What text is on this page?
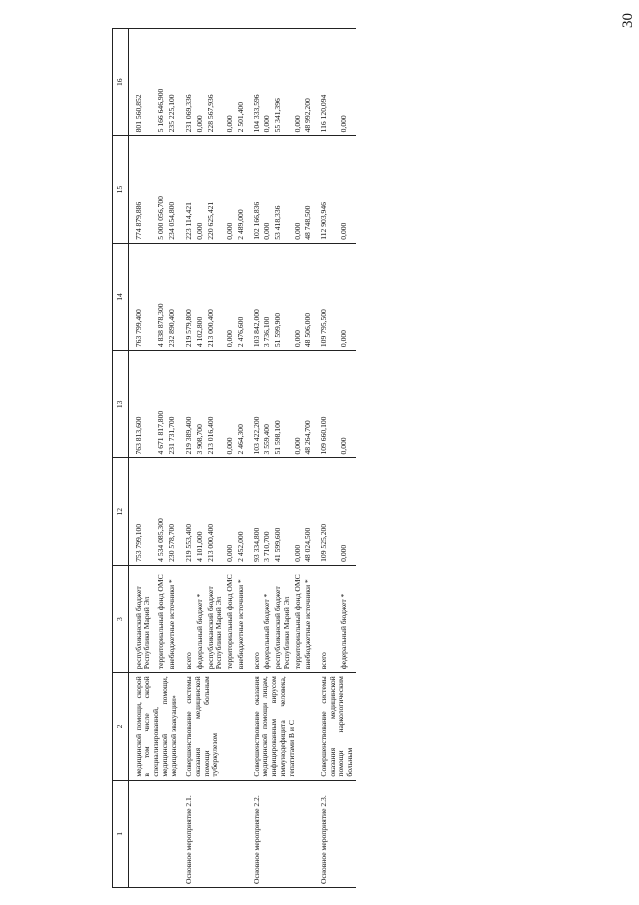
30
1	2	3	12	13	14	15	16
	медицинской помощи, скорой в том числе скорой специализированной, медицинской помощи, медицинской эвакуации»	республиканский бюджет Республики Марий Эл	753 799,100	763 813,600	763 799,400	774 879,886	801 560,852
		территориальный фонд ОМС	4 534 085,300	4 671 817,800	4 838 878,300	5 000 056,700	5 166 646,900
		внебюджетные источники *	230 578,700	231 731,700	232 890,400	234 054,800	235 225,100
Основное мероприятие 2.1.	Совершенствование системы оказания медицинской помощи больным туберкулезом	всего	219 553,400	219 389,400	219 579,800	223 114,421	231 069,336
		федеральный бюджет *	4 101,000	3 908,700	4 102,800	0,000	0,000
		республиканский бюджет Республики Марий Эл	213 000,400	213 016,400	213 000,400	220 625,421	228 567,936
		территориальный фонд ОМС	0,000	0,000	0,000	0,000	0,000
		внебюджетные источники *	2 452,000	2 464,300	2 476,600	2 489,000	2 501,400
Основное мероприятие 2.2.	Совершенствование оказания медицинской помощи лицам, инфицированным вирусом иммунодефицита человека, гепатитами В и С	всего	93 334,800	103 422,200	103 842,000	102 166,836	104 333,596
		федеральный бюджет *	3 710,700	3 559,400	3 736,100	0,000	0,000
		республиканский бюджет Республики Марий Эл	41 599,600	51 598,100	51 599,900	53 418,336	55 341,396
		территориальный фонд ОМС	0,000	0,000	0,000	0,000	0,000
		внебюджетные источники *	48 024,500	48 264,700	48 506,000	48 748,500	48 992,200
Основное мероприятие 2.3.	Совершенствование системы оказания медицинской помощи наркологическим больным	всего	109 525,200	109 660,100	109 795,500	112 903,946	116 120,094
		федеральный бюджет *	0,000	0,000	0,000	0,000	0,000
